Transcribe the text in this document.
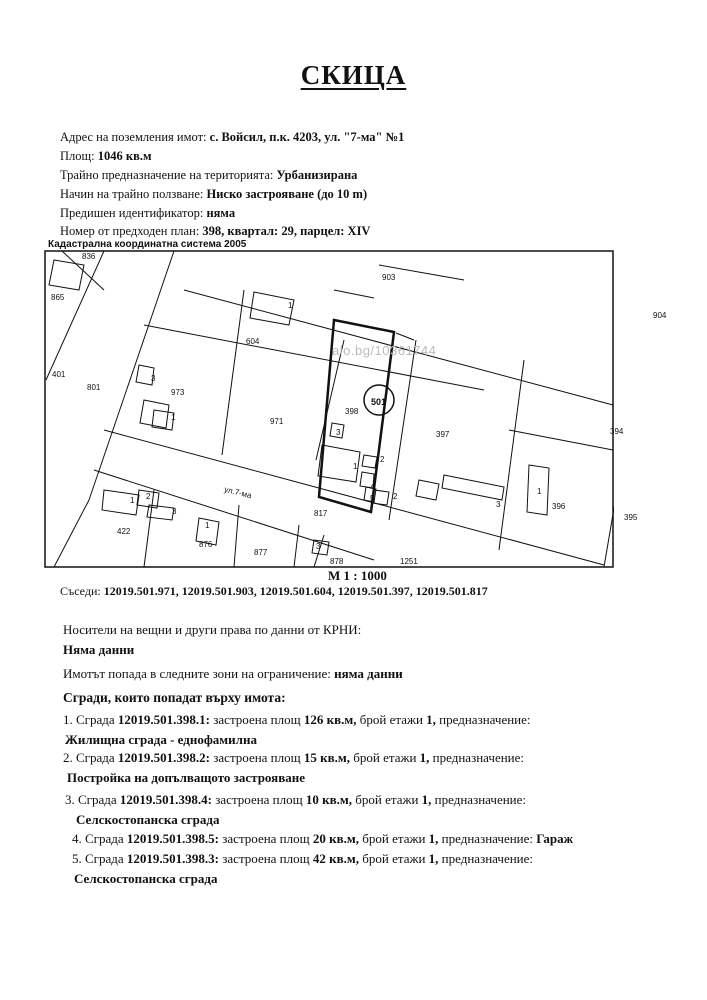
СКИЦА
Адрес на поземления имот: с. Войсил, п.к. 4203, ул. "7-ма" №1
Площ: 1046 кв.м
Трайно предназначение на територията: Урбанизирана
Начин на трайно ползване: Ниско застрояване (до 10 m)
Предишен идентификатор: няма
Номер от предходен план: 398, квартал: 29, парцел: XIV
Кадастрална координатна система 2005
836
865
401
801
903
904
604
973
971
398
501
397	394
396
395
422
876
877
817
878	1251
ул.7-ма
1
3
1
3
1
2
4
5 2
3
1
1 2
3
1
3
alo.bg/10361744
М 1 : 1000
Съседи: 12019.501.971, 12019.501.903, 12019.501.604, 12019.501.397, 12019.501.817
Носители на вещни и други права по данни от КРНИ:
Няма данни
Имотът попада в следните зони на ограничение: няма данни
Сгради, които попадат върху имота:
1. Сграда 12019.501.398.1: застроена площ 126 кв.м, брой етажи 1, предназначение:
Жилищна сграда - еднофамилна
2. Сграда 12019.501.398.2: застроена площ 15 кв.м, брой етажи 1, предназначение:
Постройка на допълващото застрояване
3. Сграда 12019.501.398.4: застроена площ 10 кв.м, брой етажи 1, предназначение:
Селскостопанска сграда
4. Сграда 12019.501.398.5: застроена площ 20 кв.м, брой етажи 1, предназначение: Гараж
5. Сграда 12019.501.398.3: застроена площ 42 кв.м, брой етажи 1, предназначение:
Селскостопанска сграда
